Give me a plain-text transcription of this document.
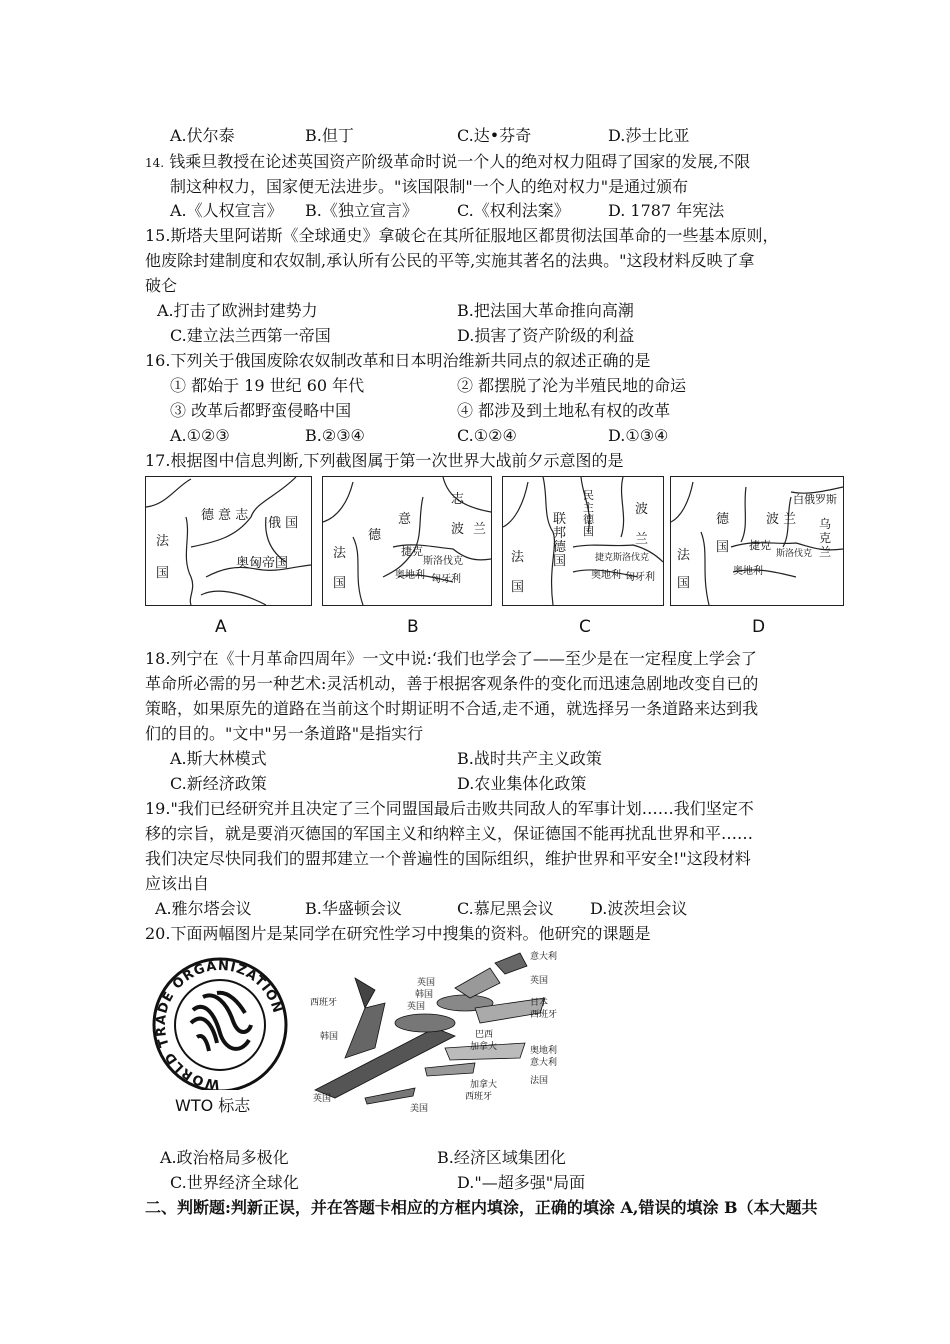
A.伏尔泰	B.但丁	C.达•芬奇	D.莎士比亚
14. 钱乘旦教授在论述英国资产阶级革命时说一个人的绝对权力阻碍了国家的发展,不限
制这种权力，国家便无法进步。"该国限制"一个人的绝对权力"是通过颁布
A.《人权宣言》 B.《独立宣言》 C.《权利法案》 D. 1787 年宪法
15.斯塔夫里阿诺斯《全球通史》拿破仑在其所征服地区都贯彻法国革命的一些基本原则，
他废除封建制度和农奴制,承认所有公民的平等,实施其著名的法典。"这段材料反映了拿
破仑
A.打击了欧洲封建势力	B.把法国大革命推向高潮
C.建立法兰西第一帝国	D.损害了资产阶级的利益
16.下列关于俄国废除农奴制改革和日本明治维新共同点的叙述正确的是
① 都始于 19 世纪 60 年代	② 都摆脱了沦为半殖民地的命运
③ 改革后都野蛮侵略中国	④ 都涉及到土地私有权的改革
A.①②③	B.②③④	C.①②④	D.①③④
17.根据图中信息判断,下列截图属于第一次世界大战前夕示意图的是
德 意 志
俄 国
法
国
奥匈帝国
A
志
意
波 兰
德
法
国
捷克
斯洛伐克
奥地利 匈牙利
B
民
主
德
国
联
邦
德
国
波
兰
法
国
捷克斯洛伐克
奥地利 匈牙利
C
白俄罗斯
德
国
波 兰 乌
克
兰
捷克
斯洛伐克
奥地利
法
国
D
18.列宁在《十月革命四周年》一文中说:‘我们也学会了——至少是在一定程度上学会了
革命所必需的另一种艺术:灵活机动，善于根据客观条件的变化而迅速急剧地改变自已的
策略，如果原先的道路在当前这个时期证明不合适,走不通，就选择另一条道路来达到我
们的目的。"文中"另一条道路"是指实行
A.斯大林模式	B.战时共产主义政策
C.新经济政策	D.农业集体化政策
19."我们已经研究并且决定了三个同盟国最后击败共同敌人的军事计划……我们坚定不
移的宗旨，就是要消灭德国的军国主义和纳粹主义，保证德国不能再扰乱世界和平……
我们决定尽快同我们的盟邦建立一个普遍性的国际组织，维护世界和平安全!"这段材料
应该出自
A.雅尔塔会议	B.华盛顿会议	C.慕尼黑会议 D.波茨坦会议
20.下面两幅图片是某同学在研究性学习中搜集的资料。他研究的课题是
WORLD TRADE ORGANIZATION
WTO 标志
意大利
英国
英国
韩国
英国
西班牙	日本
西班牙
韩国	巴西
加拿大	奥地利
意大利
法国
加拿大
西班牙
英国
美国
A.政治格局多极化	B.经济区域集团化
C.世界经济全球化	D."—超多强"局面
二、判断题:判新正误，并在答题卡相应的方框内填涂，正确的填涂 A,错误的填涂 B（本大题共
